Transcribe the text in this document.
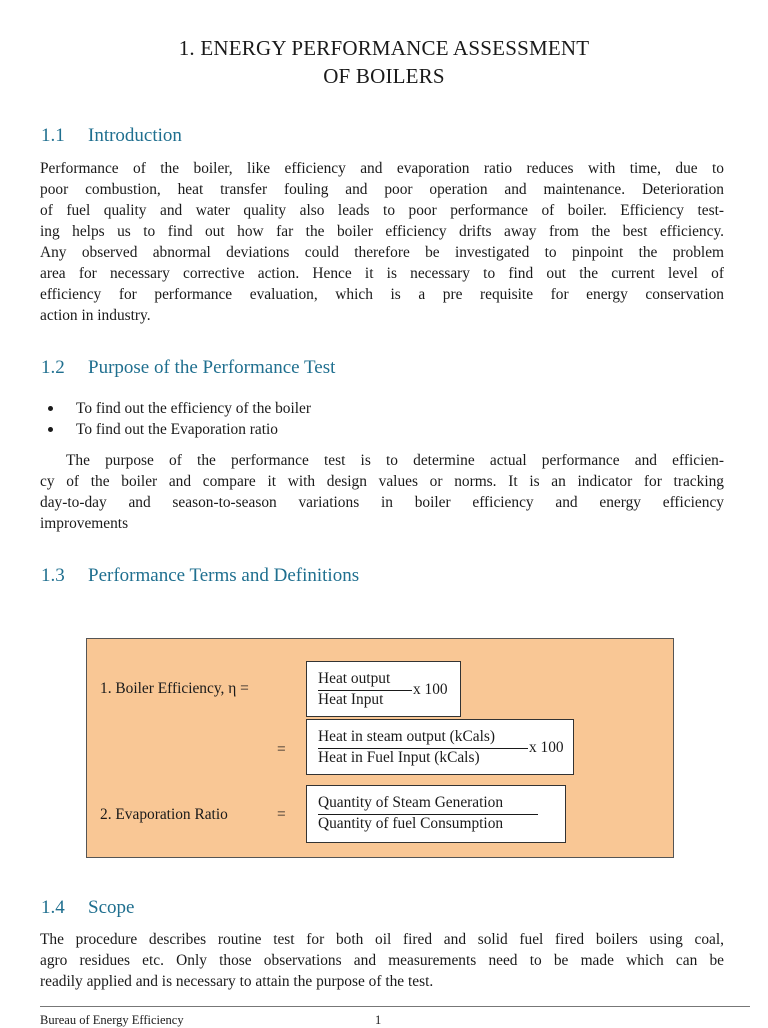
1. ENERGY PERFORMANCE ASSESSMENT
OF BOILERS
1.1 Introduction

Performance of the boiler, like efficiency and evaporation ratio reduces with time, due to
poor combustion, heat transfer fouling and poor operation and maintenance. Deterioration
of fuel quality and water quality also leads to poor performance of boiler. Efficiency test-
ing helps us to find out how far the boiler efficiency drifts away from the best efficiency.
Any observed abnormal deviations could therefore be investigated to pinpoint the problem
area for necessary corrective action. Hence it is necessary to find out the current level of
efficiency for performance evaluation, which is a pre requisite for energy conservation
action in industry.

1.2 Purpose of the Performance Test
To find out the efficiency of the boiler
To find out the Evaporation ratio

The purpose of the performance test is to determine actual performance and efficien-
cy of the boiler and compare it with design values or norms. It is an indicator for tracking
day-to-day and season-to-season variations in boiler efficiency and energy efficiency
improvements

1.3 Performance Terms and Definitions
1. Boiler Efficiency, η =
Heat output
Heat Input
x 100
=
Heat in steam output (kCals)
Heat in Fuel Input (kCals)
x 100
2. Evaporation Ratio	=
Quantity of Steam Generation
Quantity of fuel Consumption
1.4 Scope

The procedure describes routine test for both oil fired and solid fuel fired boilers using coal,
agro residues etc. Only those observations and measurements need to be made which can be
readily applied and is necessary to attain the purpose of the test.

Bureau of Energy Efficiency	1
